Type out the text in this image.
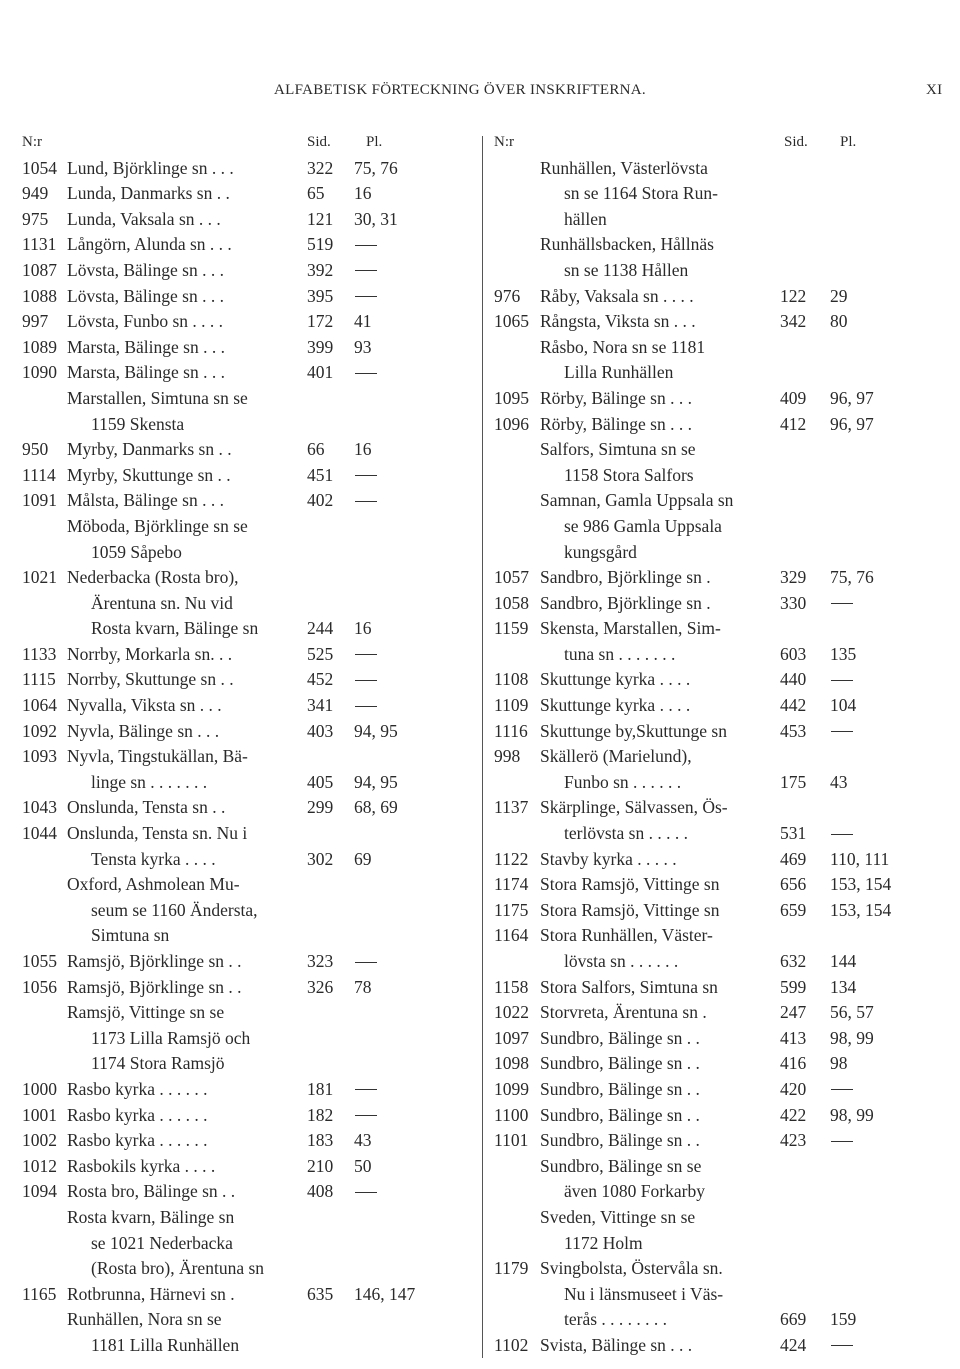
ALFABETISK FÖRTECKNING ÖVER INSKRIFTERNA.	XI
N:r	Sid. Pl.
1054 Lund, Björklinge sn . . .	322 75, 76
949 Lunda, Danmarks sn . .	65 16
975 Lunda, Vaksala sn . . .	121 30, 31
1131 Långörn, Alunda sn . . .	519
1087 Lövsta, Bälinge sn . . .	392
1088 Lövsta, Bälinge sn . . .	395
997 Lövsta, Funbo sn . . . .	172 41
1089 Marsta, Bälinge sn . . .	399 93
1090 Marsta, Bälinge sn . . .	401
Marstallen, Simtuna sn se
1159 Skensta
950 Myrby, Danmarks sn . .	66 16
1114 Myrby, Skuttunge sn . .	451
1091 Målsta, Bälinge sn . . .	402
Möboda, Björklinge sn se
1059 Såpebo
1021 Nederbacka (Rosta bro),
Ärentuna sn. Nu vid
Rosta kvarn, Bälinge sn	244 16
1133 Norrby, Morkarla sn. . .	525
1115 Norrby, Skuttunge sn . .	452
1064 Nyvalla, Viksta sn . . .	341
1092 Nyvla, Bälinge sn . . .	403 94, 95
1093 Nyvla, Tingstukällan, Bä-
linge sn . . . . . . .	405 94, 95
1043 Onslunda, Tensta sn . .	299 68, 69
1044 Onslunda, Tensta sn. Nu i
Tensta kyrka . . . .	302 69
Oxford, Ashmolean Mu-
seum se 1160 Ändersta,
Simtuna sn
1055 Ramsjö, Björklinge sn . .	323
1056 Ramsjö, Björklinge sn . .	326 78
Ramsjö, Vittinge sn se
1173 Lilla Ramsjö och
1174 Stora Ramsjö
1000 Rasbo kyrka . . . . . .	181
1001 Rasbo kyrka . . . . . .	182
1002 Rasbo kyrka . . . . . .	183 43
1012 Rasbokils kyrka . . . .	210 50
1094 Rosta bro, Bälinge sn . .	408
Rosta kvarn, Bälinge sn
se 1021 Nederbacka
(Rosta bro), Ärentuna sn
1165 Rotbrunna, Härnevi sn .	635 146, 147
Runhällen, Nora sn se
1181 Lilla Runhällen
N:r	Sid. Pl.
Runhällen, Västerlövsta
sn se 1164 Stora Run-
hällen
Runhällsbacken, Hållnäs
sn se 1138 Hållen
976 Råby, Vaksala sn . . . .	122 29
1065 Rångsta, Viksta sn . . .	342 80
Råsbo, Nora sn se 1181
Lilla Runhällen
1095 Rörby, Bälinge sn . . .	409 96, 97
1096 Rörby, Bälinge sn . . .	412 96, 97
Salfors, Simtuna sn se
1158 Stora Salfors
Samnan, Gamla Uppsala sn
se 986 Gamla Uppsala
kungsgård
1057 Sandbro, Björklinge sn .	329 75, 76
1058 Sandbro, Björklinge sn .	330
1159 Skensta, Marstallen, Sim-
tuna sn . . . . . . .	603 135
1108 Skuttunge kyrka . . . .	440
1109 Skuttunge kyrka . . . .	442 104
1116 Skuttunge by,Skuttunge sn	453
998 Skällerö (Marielund),
Funbo sn . . . . . .	175 43
1137 Skärplinge, Sälvassen, Ös-
terlövsta sn . . . . .	531
1122 Stavby kyrka . . . . .	469 110, 111
1174 Stora Ramsjö, Vittinge sn	656 153, 154
1175 Stora Ramsjö, Vittinge sn	659 153, 154
1164 Stora Runhällen, Väster-
lövsta sn . . . . . .	632 144
1158 Stora Salfors, Simtuna sn	599 134
1022 Storvreta, Ärentuna sn .	247 56, 57
1097 Sundbro, Bälinge sn . .	413 98, 99
1098 Sundbro, Bälinge sn . .	416 98
1099 Sundbro, Bälinge sn . .	420
1100 Sundbro, Bälinge sn . .	422 98, 99
1101 Sundbro, Bälinge sn . .	423
Sundbro, Bälinge sn se
även 1080 Forkarby
Sveden, Vittinge sn se
1172 Holm
1179 Svingbolsta, Östervåla sn.
Nu i länsmuseet i Väs-
terås . . . . . . . .	669 159
1102 Svista, Bälinge sn . . .	424
